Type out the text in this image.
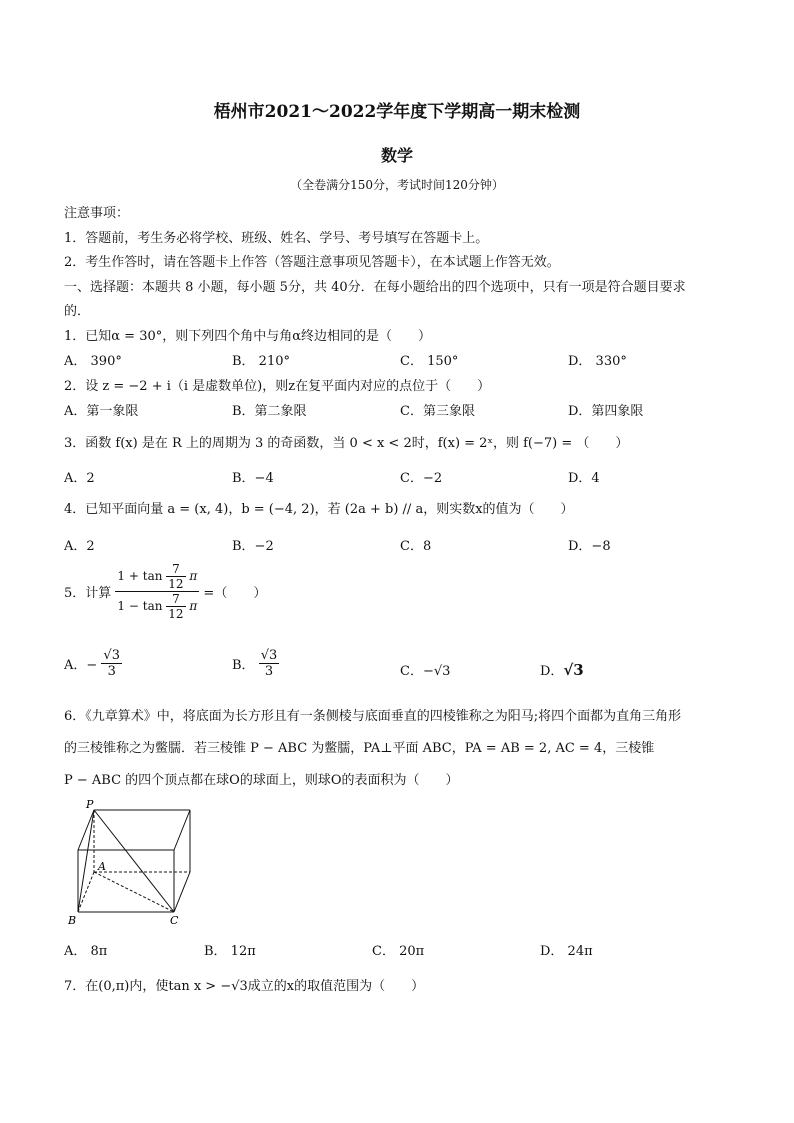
梧州市2021～2022学年度下学期高一期末检测
数学
（全卷满分150分，考试时间120分钟）
注意事项：
1．答题前，考生务必将学校、班级、姓名、学号、考号填写在答题卡上。
2．考生作答时，请在答题卡上作答（答题注意事项见答题卡），在本试题上作答无效。
一、选择题：本题共 8 小题，每小题 5分，共 40分．在每小题给出的四个选项中，只有一项是符合题目要求
的．
1．已知α = 30°，则下列四个角中与角α终边相同的是（　　）
A． 390°	B． 210°	C． 150°	D． 330°
2．设 z = −2 + i（i 是虚数单位)，则z在复平面内对应的点位于（　　）
A．第一象限	B．第二象限	C．第三象限	D．第四象限
3．函数 f(x) 是在 R 上的周期为 3 的奇函数，当 0 < x < 2时，f(x) = 2ˣ，则 f(−7) = （　　）
A．2	B．−4	C．−2	D．4
4．已知平面向量 a = (x, 4)，b = (−4, 2)，若 (2a + b) // a，则实数x的值为（　　）
A．2	B．−2	C．8	D．−8
5．计算 $\frac{1 + \tan \frac{7}{12} \pi}{1 - \tan \frac{7}{12} \pi}$ =（　　）
A．− $\frac{√3}{3}$	B． $\frac{√3}{3}$	C．−√3	D．√3
6．《九章算术》中，将底面为长方形且有一条侧棱与底面垂直的四棱锥称之为阳马;将四个面都为直角三角形
的三棱锥称之为鳖臑．若三棱锥 P − ABC 为鳖臑，PA⊥平面 ABC，PA = AB = 2, AC = 4，三棱锥
P − ABC 的四个顶点都在球O的球面上，则球O的表面积为（　　）
P
A
B	C
A． 8π	B． 12π	C． 20π	D． 24π
7．在(0,π)内，使tan x > −√3成立的x的取值范围为（　　）
